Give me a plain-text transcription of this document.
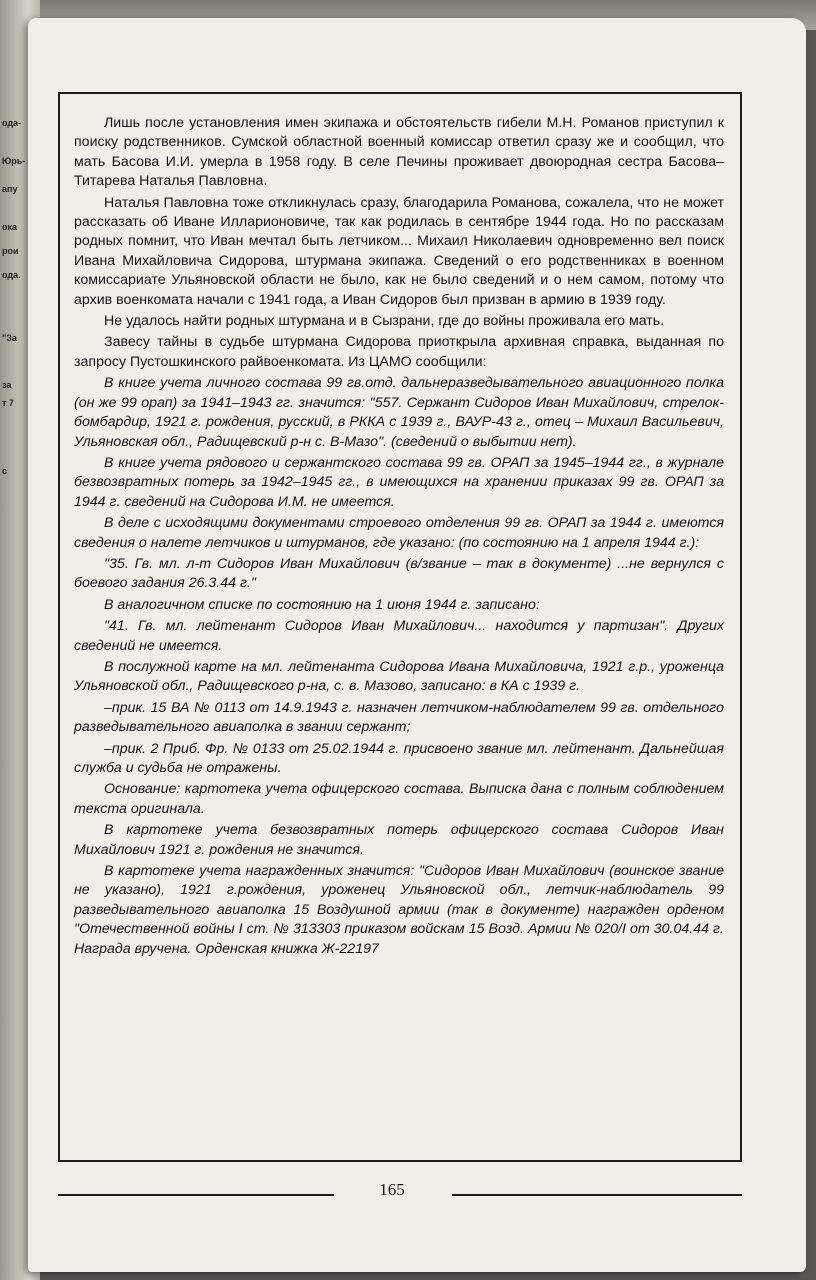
ода-
Юрь-
апу
ока
рои
ода.
"За
за
т 7
с

Лишь после установления имен экипажа и обстоятельств гибели М.Н. Романов приступил к поиску родственников. Сумской областной военный комиссар ответил сразу же и сообщил, что мать Басова И.И. умерла в 1958 году. В селе Печины проживает двоюродная сестра Басова–Титарева Наталья Павловна.

Наталья Павловна тоже откликнулась сразу, благодарила Романова, сожалела, что не может рассказать об Иване Илларионовиче, так как родилась в сентябре 1944 года. Но по рассказам родных помнит, что Иван мечтал быть летчиком... Михаил Николаевич одновременно вел поиск Ивана Михайловича Сидорова, штурмана экипажа. Сведений о его родственниках в военном комиссариате Ульяновской области не было, как не было сведений и о нем самом, потому что архив военкомата начали с 1941 года, а Иван Сидоров был призван в армию в 1939 году.

Не удалось найти родных штурмана и в Сызрани, где до войны проживала его мать.

Завесу тайны в судьбе штурмана Сидорова приоткрыла архивная справка, выданная по запросу Пустошкинского райвоенкомата. Из ЦАМО сообщили:

В книге учета личного состава 99 гв.отд. дальнеразведывательного авиационного полка (он же 99 орап) за 1941–1943 гг. значится: "557. Сержант Сидоров Иван Михайлович, стрелок-бомбардир, 1921 г. рождения, русский, в РККА с 1939 г., ВАУР-43 г., отец – Михаил Васильевич, Ульяновская обл., Радищевский р-н с. В-Мазо". (сведений о выбытии нет).

В книге учета рядового и сержантского состава 99 гв. ОРАП за 1945–1944 гг., в журнале безвозвратных потерь за 1942–1945 гг., в имеющихся на хранении приказах 99 гв. ОРАП за 1944 г. сведений на Сидорова И.М. не имеется.

В деле с исходящими документами строевого отделения 99 гв. ОРАП за 1944 г. имеются сведения о налете летчиков и штурманов, где указано: (по состоянию на 1 апреля 1944 г.):

"35. Гв. мл. л-т Сидоров Иван Михайлович (в/звание – так в документе) ...не вернулся с боевого задания 26.3.44 г."

В аналогичном списке по состоянию на 1 июня 1944 г. записано:

"41. Гв. мл. лейтенант Сидоров Иван Михайлович... находится у партизан". Других сведений не имеется.

В послужной карте на мл. лейтенанта Сидорова Ивана Михайловича, 1921 г.р., уроженца Ульяновской обл., Радищевского р-на, с. в. Мазово, записано: в КА с 1939 г.

–прик. 15 ВА № 0113 от 14.9.1943 г. назначен летчиком-наблюдателем 99 гв. отдельного разведывательного авиаполка в звании сержант;

–прик. 2 Приб. Фр. № 0133 от 25.02.1944 г. присвоено звание мл. лейтенант. Дальнейшая служба и судьба не отражены.

Основание: картотека учета офицерского состава. Выписка дана с полным соблюдением текста оригинала.

В картотеке учета безвозвратных потерь офицерского состава Сидоров Иван Михайлович 1921 г. рождения не значится.

В картотеке учета награжденных значится: "Сидоров Иван Михайлович (воинское звание не указано), 1921 г.рождения, уроженец Ульяновской обл., летчик-наблюдатель 99 разведывательного авиаполка 15 Воздушной армии (так в документе) награжден орденом "Отечественной войны I ст. № 313303 приказом войскам 15 Возд. Армии № 020/I от 30.04.44 г. Награда вручена. Орденская книжка Ж-22197

165
